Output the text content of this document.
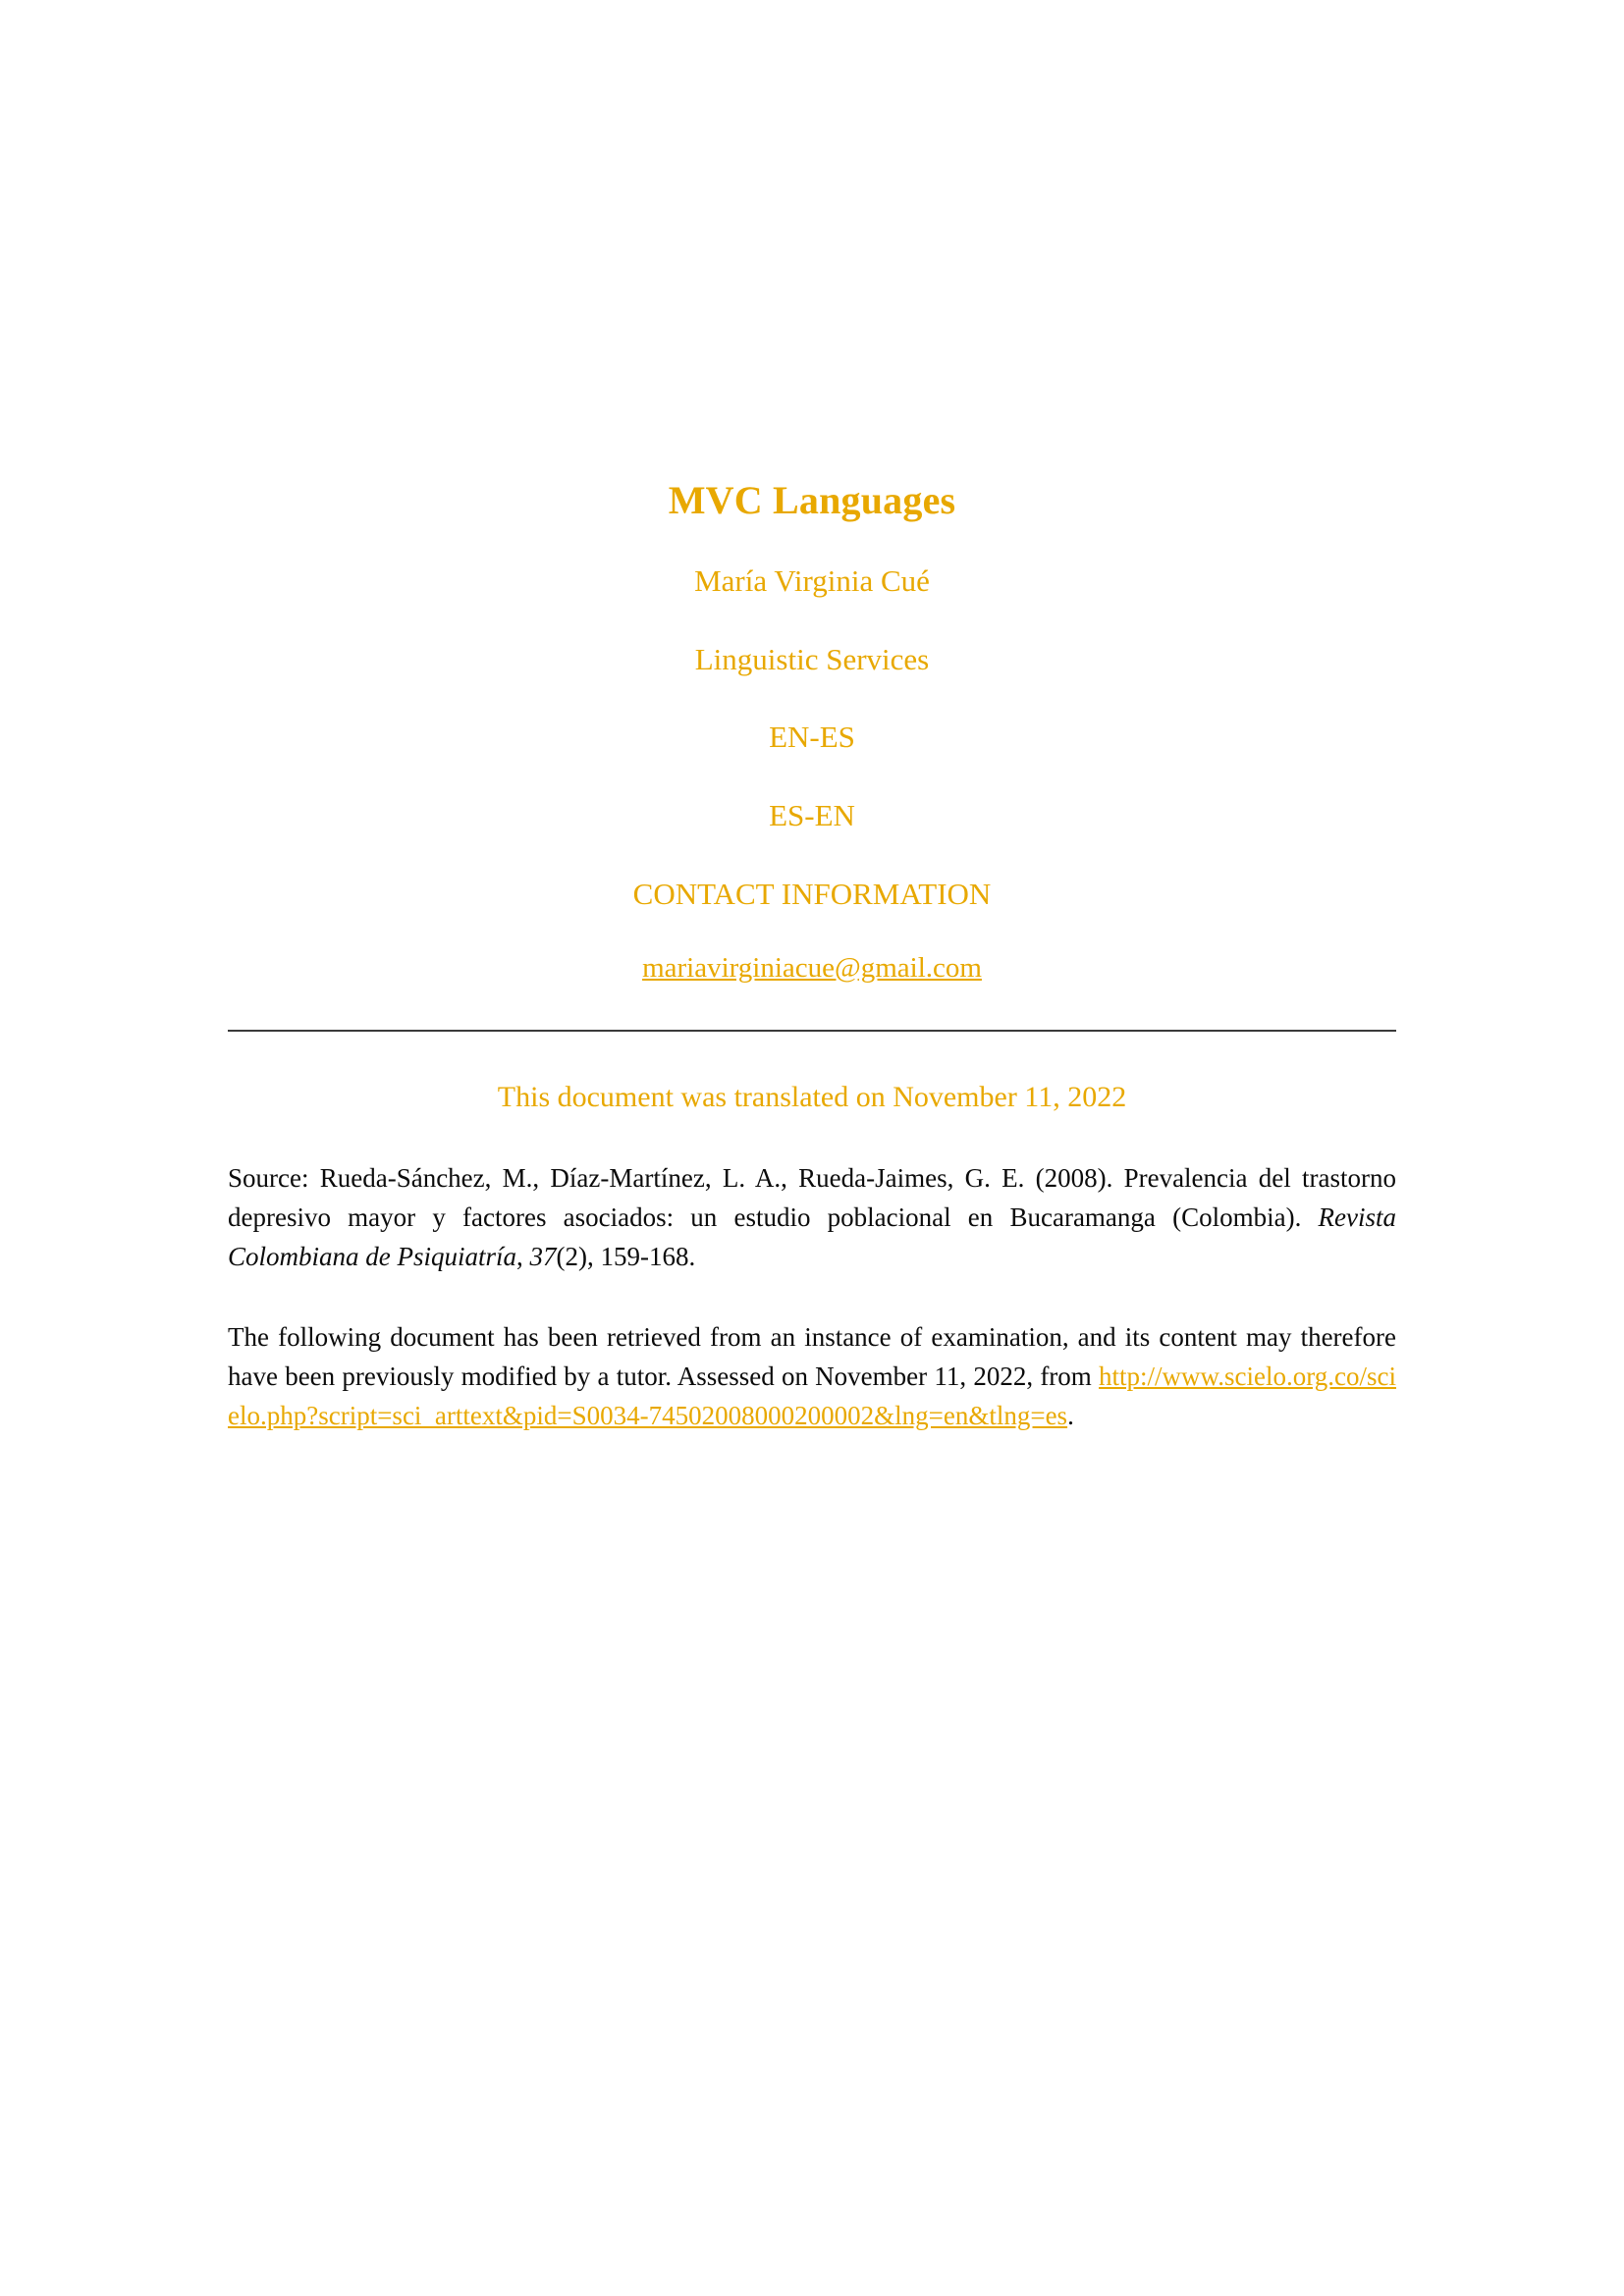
MVC Languages
María Virginia Cué
Linguistic Services
EN-ES
ES-EN
CONTACT INFORMATION
mariavirginiacue@gmail.com
This document was translated on November 11, 2022

Source: Rueda-Sánchez, M., Díaz-Martínez, L. A., Rueda-Jaimes, G. E. (2008). Prevalencia del trastorno depresivo mayor y factores asociados: un estudio poblacional en Bucaramanga (Colombia). Revista Colombiana de Psiquiatría, 37(2), 159-168.

The following document has been retrieved from an instance of examination, and its content may therefore have been previously modified by a tutor. Assessed on November 11, 2022, from http://www.scielo.org.co/scielo.php?script=sci_arttext&pid=S0034-74502008000200002&lng=en&tlng=es.
